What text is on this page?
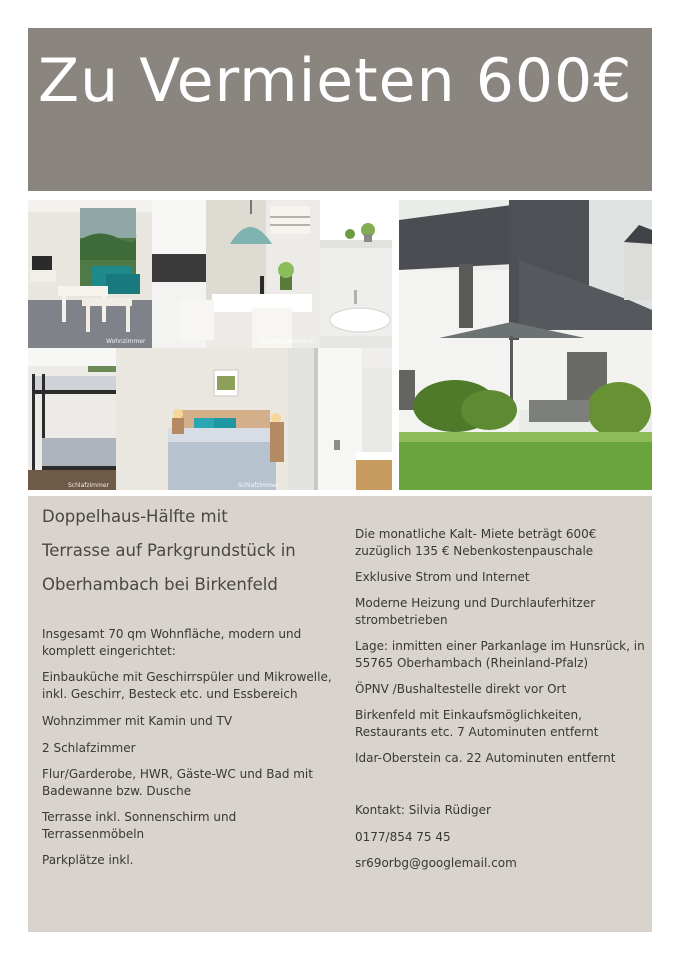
Zu Vermieten 600€
Wohnzimmer	Küche/Essbereich
Schlafzimmer	Schlafzimmer
Doppelhaus-Hälfte mit
Terrasse auf Parkgrundstück in
Oberhambach bei Birkenfeld

Insgesamt 70 qm Wohnfläche, modern und

komplett eingerichtet:

Einbauküche mit Geschirrspüler und Mikrowelle,

inkl. Geschirr, Besteck etc. und Essbereich

Wohnzimmer mit Kamin und TV

2 Schlafzimmer

Flur/Garderobe, HWR, Gäste-WC und Bad mit

Badewanne bzw. Dusche

Terrasse inkl. Sonnenschirm und

Terrassenmöbeln

Parkplätze inkl.

Die monatliche Kalt- Miete beträgt 600€

zuzüglich 135 € Nebenkostenpauschale

Exklusive Strom und Internet

Moderne Heizung und Durchlauferhitzer

strombetrieben

Lage: inmitten einer Parkanlage im Hunsrück, in

55765 Oberhambach (Rheinland-Pfalz)

ÖPNV /Bushaltestelle direkt vor Ort

Birkenfeld mit Einkaufsmöglichkeiten,

Restaurants etc. 7 Autominuten entfernt

Idar-Oberstein ca. 22 Autominuten entfernt

Kontakt: Silvia Rüdiger

0177/854 75 45

sr69orbg@googlemail.com
